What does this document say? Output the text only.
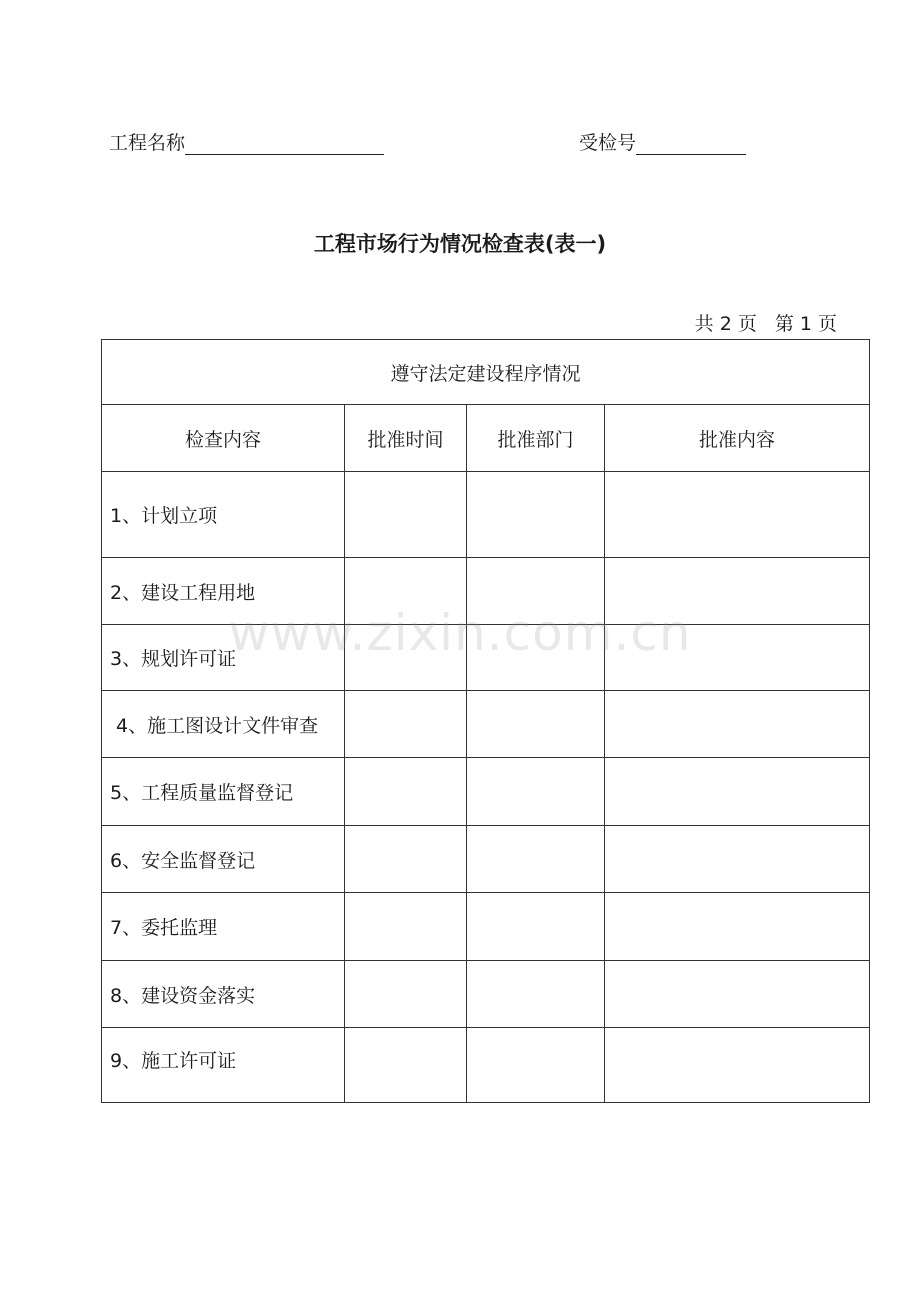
工程名称	受检号
工程市场行为情况检查表(表一)
共 2 页 第 1 页
遵守法定建设程序情况			
检查内容	批准时间	批准部门	批准内容
1、计划立项			
2、建设工程用地			
3、规划许可证			
4、施工图设计文件审查			
5、工程质量监督登记			
6、安全监督登记			
7、委托监理			
8、建设资金落实			
9、施工许可证			
www.zixin.com.cn
